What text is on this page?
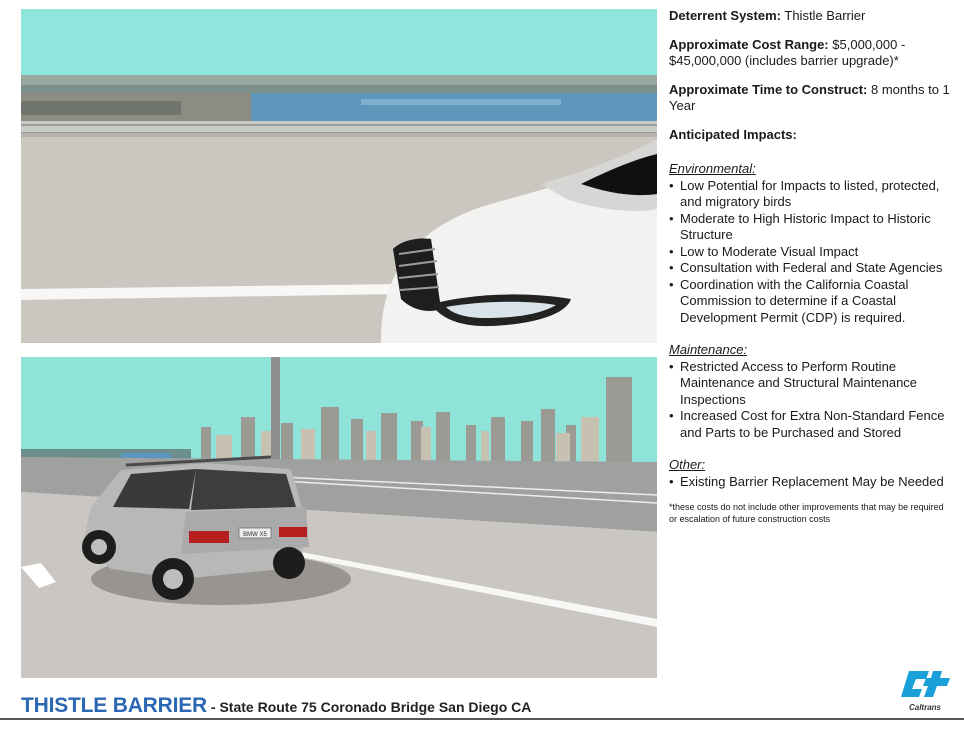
BMW X5

Deterrent System: Thistle Barrier

Approximate Cost Range: $5,000,000 - $45,000,000 (includes barrier upgrade)*

Approximate Time to Construct: 8 months to 1 Year

Anticipated Impacts:

Environmental:
• Low Potential for Impacts to listed, protected, and migratory birds
• Moderate to High Historic Impact to Historic Structure
• Low to Moderate Visual Impact
• Consultation with Federal and State Agencies
• Coordination with the California Coastal Commission to determine if a Coastal Development Permit (CDP) is required.
Maintenance:
• Restricted Access to Perform Routine Maintenance and Structural Maintenance Inspections
• Increased Cost for Extra Non-Standard Fence and Parts to be Purchased and Stored
Other:
• Existing Barrier Replacement May be Needed

*these costs do not include other improvements that may be required or escalation of future construction costs

THISTLE BARRIER - State Route 75 Coronado Bridge San Diego CA	Caltrans
